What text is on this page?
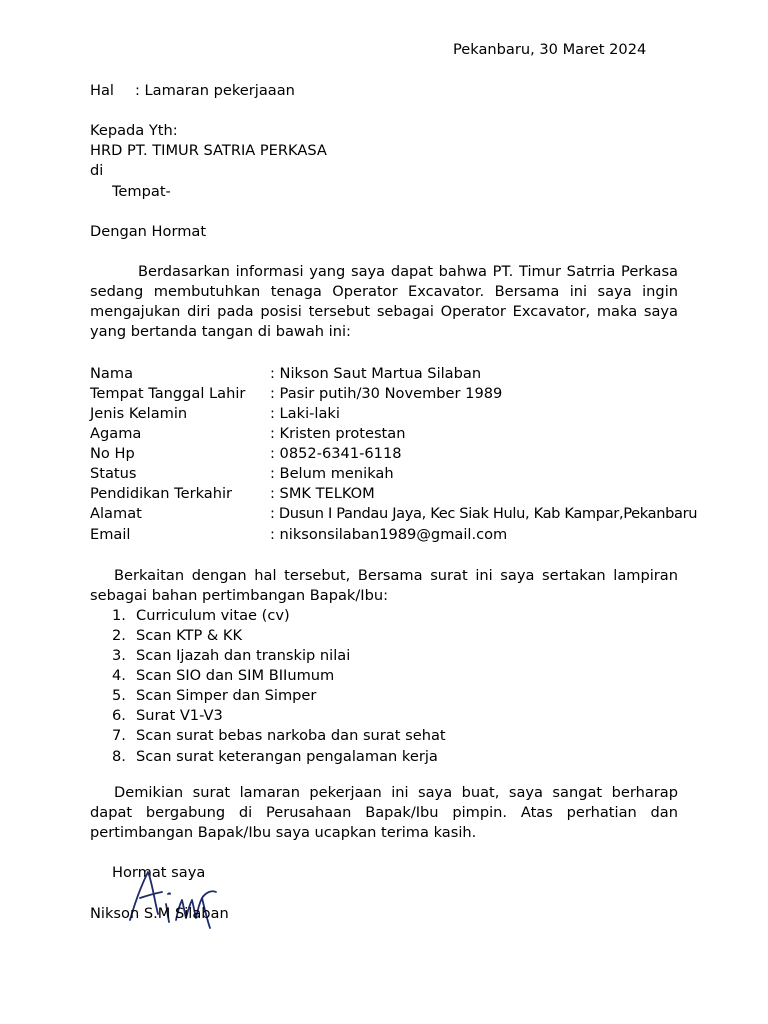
Pekanbaru, 30 Maret 2024
Hal : Lamaran pekerjaaan
Kepada Yth:
HRD PT. TIMUR SATRIA PERKASA
di
Tempat-
Dengan Hormat
Berdasarkan informasi yang saya dapat bahwa PT. Timur Satrria Perkasa sedang membutuhkan tenaga Operator Excavator. Bersama ini saya ingin mengajukan diri pada posisi tersebut sebagai Operator Excavator, maka saya yang bertanda tangan di bawah ini:
Nama	: Nikson Saut Martua Silaban
Tempat Tanggal Lahir : Pasir putih/30 November 1989
Jenis Kelamin	: Laki-laki
Agama	: Kristen protestan
No Hp	: 0852-6341-6118
Status	: Belum menikah
Pendidikan Terkahir	: SMK TELKOM
Alamat	: Dusun I Pandau Jaya, Kec Siak Hulu, Kab Kampar,Pekanbaru
Email	: niksonsilaban1989@gmail.com
Berkaitan dengan hal tersebut, Bersama surat ini saya sertakan lampiran sebagai bahan pertimbangan Bapak/Ibu:
1. Curriculum vitae (cv)
2. Scan KTP & KK
3. Scan Ijazah dan transkip nilai
4. Scan SIO dan SIM BIIumum
5. Scan Simper dan Simper
6. Surat V1-V3
7. Scan surat bebas narkoba dan surat sehat
8. Scan surat keterangan pengalaman kerja
Demikian surat lamaran pekerjaan ini saya buat, saya sangat berharap dapat bergabung di Perusahaan Bapak/Ibu pimpin. Atas perhatian dan pertimbangan Bapak/Ibu saya ucapkan terima kasih.
Hormat saya
Nikson S.M Silaban
